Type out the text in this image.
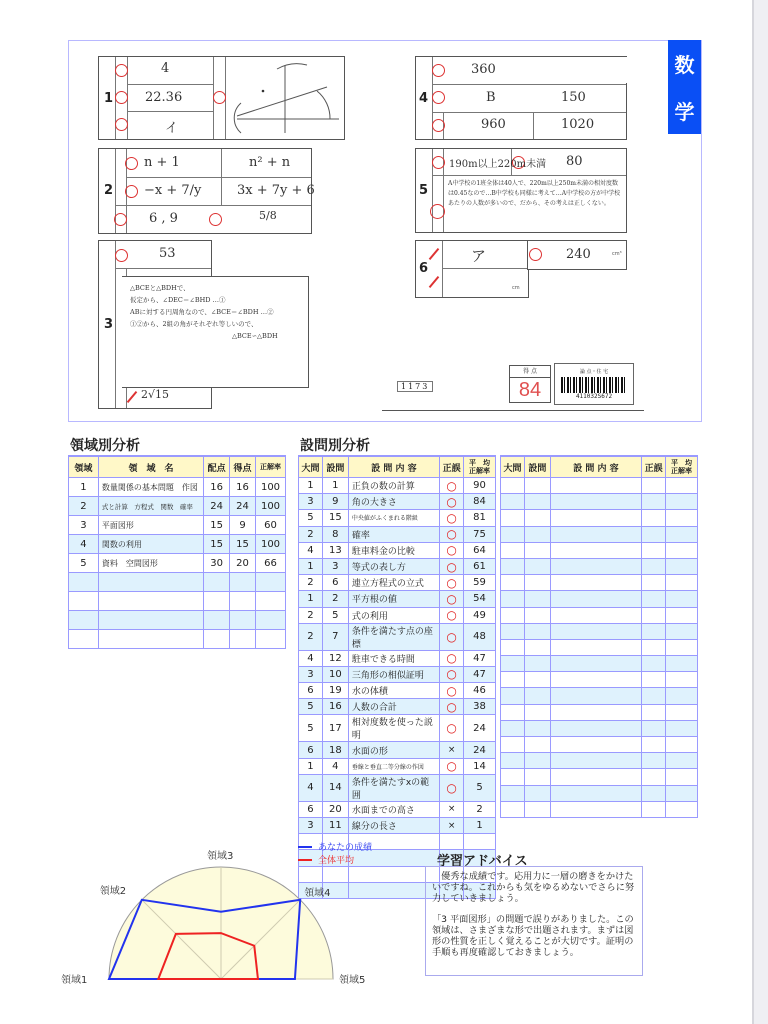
1
4
22.36
イ
2
n + 1	n² + n
−x + 7/y	3x + 7y + 6
6 , 9	5/8
3
53
2√15
△BCEと△BDHで、
仮定から、∠DEC＝∠BHD …①
ABに対する円周角なので、∠BCE＝∠BDH …②
①②から、2組の角がそれぞれ等しいので、
△BCE∽△BDH
4
360
B	150
960	1020
5
190m以上220m未満 80
A中学校の1班全体は40人で、220m以上250m未満の相対度数は0.45なので…B中学校も同様に考えて…A中学校の方が中学校あたりの人数が多いので、だから、その考えは正しくない。
6
ア
cm
240	cm³
1173
得 点
84
論 点・住 宅
411032S672
数
学
領域別分析
領域	領　域　名	配点	得点	正解率
1	数量関係の基本問題　作図	16	16	100
2	式と計算　方程式　関数　確率	24	24	100
3	平面図形	15	9	60
4	関数の利用	15	15	100
5	資料　空間図形	30	20	66

設問別分析
大問	設問	設 問 内 容	正誤	平　均
正解率

1	1	正負の数の計算	○	90
3	9	角の大きさ	○	84
5	15	中央値がふくまれる階級	○	81
2	8	確率	○	75
4	13	駐車料金の比較	○	64
1	3	等式の表し方	○	61
2	6	連立方程式の立式	○	59
1	2	平方根の値	○	54
2	5	式の利用	○	49
2	7	条件を満たす点の座標	○	48
4	12	駐車できる時間	○	47
3	10	三角形の相似証明	○	47
6	19	水の体積	○	46
5	16	人数の合計	○	38
5	17	相対度数を使った説明	○	24
6	18	水面の形	×	24
1	4	垂線と垂直二等分線の作図	○	14
4	14	条件を満たすxの範囲	○	5
6	20	水面までの高さ	×	2
3	11	線分の長さ	×	1

大問	設問	設 問 内 容	正誤	平　均
正解率

領域1
領域2
領域3
領域4
領域5
あなたの成績
全体平均	学習アドバイス

　優秀な成績です。応用力に一層の磨きをかけたいですね。これからも気をゆるめないでさらに努力していきましょう。

「3 平面図形」の問題で誤りがありました。この領域は、さまざまな形で出題されます。まずは図形の性質を正しく覚えることが大切です。証明の手順も再度確認しておきましょう。
